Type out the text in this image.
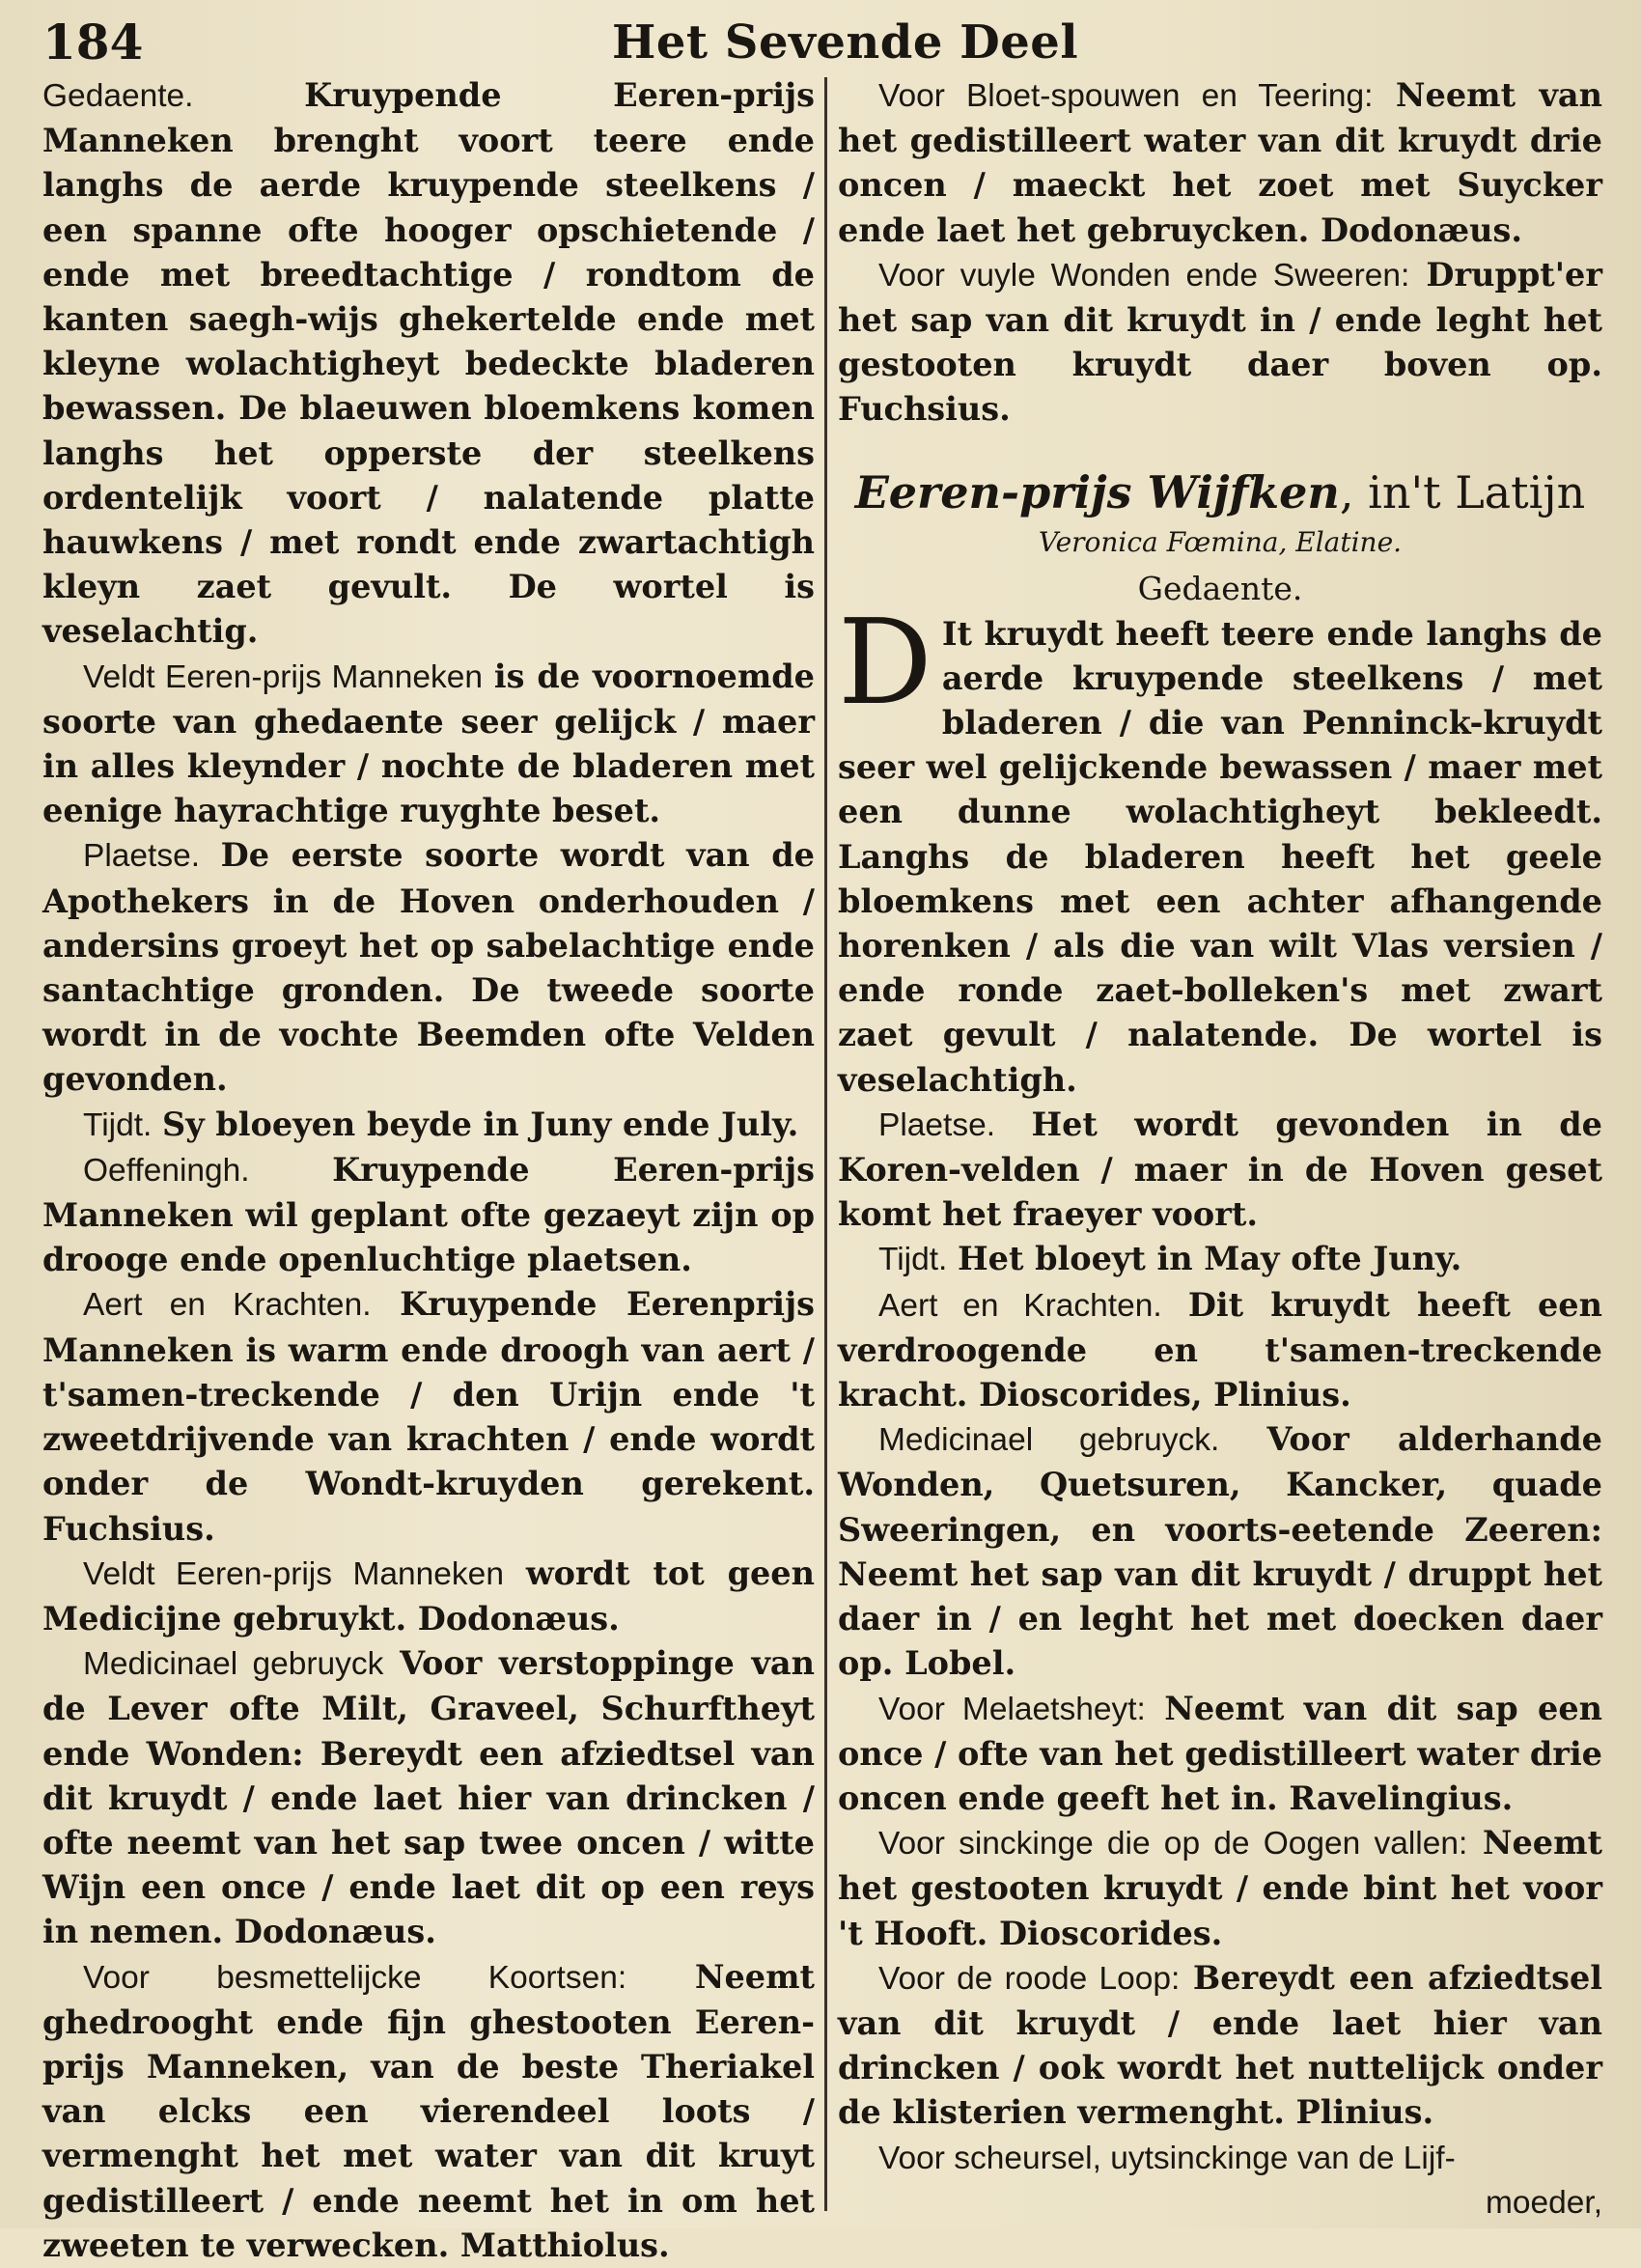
184	Het Sevende Deel

Gedaente.	Kruypende Eeren-prijs Manneken brenght voort teere ende langhs de aerde kruypende steelkens / een spanne ofte hooger opschietende / ende met breedtachtige / rondtom de kanten saegh-wijs ghekertelde ende met kleyne wolachtigheyt bedeckte bladeren bewassen. De blaeuwen bloemkens komen langhs het opperste der steelkens ordentelijk voort / nalatende platte hauwkens / met rondt ende zwartachtigh kleyn zaet gevult. De wortel is veselachtig.

Veldt Eeren-prijs Manneken is de voornoemde soorte van ghedaente seer gelijck / maer in alles kleynder / nochte de bladeren met eenige hayrachtige ruyghte beset.

Plaetse. De eerste soorte wordt van de Apothekers in de Hoven onderhouden / andersins groeyt het op sabelachtige ende santachtige gronden. De tweede soorte wordt in de vochte Beemden ofte Velden gevonden.

Tijdt. Sy bloeyen beyde in Juny ende July.

Oeffeningh.	Kruypende Eeren-prijs Manneken wil geplant ofte gezaeyt zijn op drooge ende openluchtige plaetsen.

Aert en Krachten. Kruypende Eerenprijs Manneken is warm ende droogh van aert / t'samen-treckende / den Urijn ende 't zweetdrijvende van krachten / ende wordt onder de Wondt-kruyden gerekent. Fuchsius.

Veldt Eeren-prijs Manneken wordt tot geen Medicijne gebruykt. Dodonæus.

Medicinael gebruyck Voor verstoppinge van de Lever ofte Milt, Graveel, Schurftheyt ende Wonden: Bereydt een afziedtsel van dit kruydt / ende laet hier van drincken / ofte neemt van het sap twee oncen / witte Wijn een once / ende laet dit op een reys in nemen. Dodonæus.

Voor besmettelijcke Koortsen: Neemt ghedrooght ende fijn ghestooten Eeren-prijs Manneken, van de beste Theriakel van elcks een vierendeel loots / vermenght het met water van dit kruyt gedistilleert / ende neemt het in om het zweeten te verwecken. Matthiolus.

Voor Bloet-spouwen en Teering: Neemt van het gedistilleert water van dit kruydt drie oncen / maeckt het zoet met Suycker ende laet het gebruycken. Dodonæus.

Voor vuyle Wonden ende Sweeren: Druppt'er het sap van dit kruydt in / ende leght het gestooten kruydt daer boven op. Fuchsius.

Eeren-prijs Wijfken, in't Latijn

Veronica Fœmina, Elatine.

Gedaente.

D It kruydt heeft teere ende langhs de aerde kruypende steelkens / met bladeren / die van Penninck-kruydt seer wel gelijckende bewassen / maer met een dunne wolachtigheyt bekleedt. Langhs de bladeren heeft het geele bloemkens met een achter afhangende horenken / als die van wilt Vlas versien / ende ronde zaet-bolleken's met zwart zaet gevult / nalatende. De wortel is veselachtigh.

Plaetse. Het wordt gevonden in de Koren-velden / maer in de Hoven geset komt het fraeyer voort.

Tijdt. Het bloeyt in May ofte Juny.

Aert en Krachten. Dit kruydt heeft een verdroogende en t'samen-treckende kracht. Dioscorides, Plinius.

Medicinael gebruyck. Voor alderhande Wonden, Quetsuren, Kancker, quade Sweeringen, en voorts-eetende Zeeren: Neemt het sap van dit kruydt / druppt het daer in / en leght het met doecken daer op. Lobel.

Voor Melaetsheyt: Neemt van dit sap een once / ofte van het gedistilleert water drie oncen ende geeft het in. Ravelingius.

Voor sinckinge die op de Oogen vallen: Neemt het gestooten kruydt / ende bint het voor 't Hooft. Dioscorides.

Voor de roode Loop: Bereydt een afziedtsel van dit kruydt / ende laet hier van drincken / ook wordt het nuttelijck onder de klisterien vermenght. Plinius.

Voor scheursel, uytsinckinge van de Lijf-

moeder,
